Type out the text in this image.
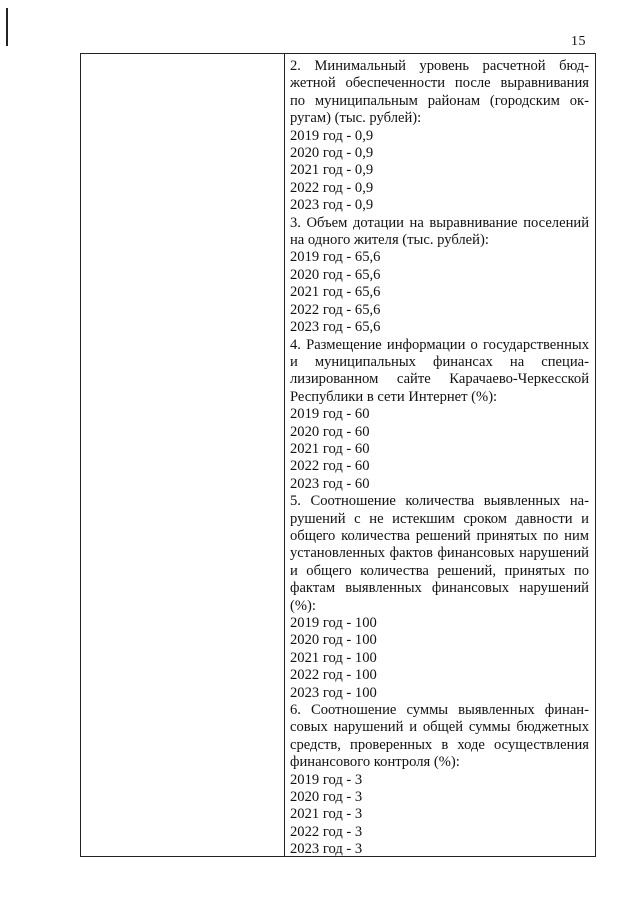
15

2. Минимальный уровень расчетной бюджетной обеспеченности после выравнивания по муниципальным районам (городским округам) (тыс. рублей):

2019 год - 0,9

2020 год - 0,9

2021 год - 0,9

2022 год - 0,9

2023 год - 0,9

3. Объем дотации на выравнивание поселений на одного жителя (тыс. рублей):

2019 год - 65,6

2020 год - 65,6

2021 год - 65,6

2022 год - 65,6

2023 год - 65,6

4. Размещение информации о государственных и муниципальных финансах на специализированном сайте Карачаево-Черкесской Республики в сети Интернет (%):

2019 год - 60

2020 год - 60

2021 год - 60

2022 год - 60

2023 год - 60

5. Соотношение количества выявленных нарушений с не истекшим сроком давности и общего количества решений принятых по ним установленных фактов финансовых нарушений и общего количества решений, принятых по фактам выявленных финансовых нарушений (%):

2019 год - 100

2020 год - 100

2021 год - 100

2022 год - 100

2023 год - 100

6. Соотношение суммы выявленных финансовых нарушений и общей суммы бюджетных средств, проверенных в ходе осуществления финансового контроля (%):

2019 год - 3

2020 год - 3

2021 год - 3

2022 год - 3

2023 год - 3
